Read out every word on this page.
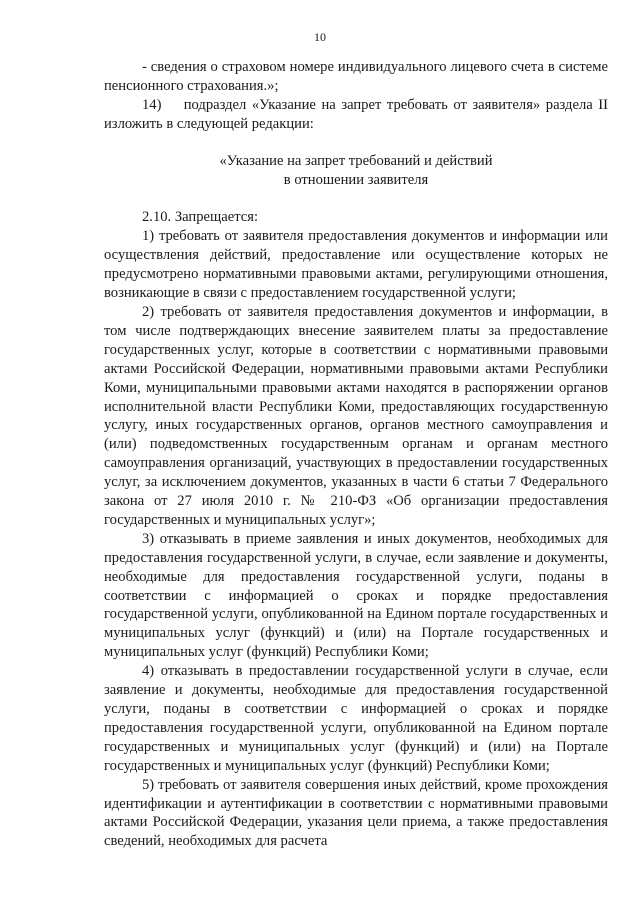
10

- сведения о страховом номере индивидуального лицевого счета в системе пенсионного страхования.»;

14)    подраздел «Указание на запрет требовать от заявителя» раздела II изложить в следующей редакции:

«Указание на запрет требований и действий

в отношении заявителя

2.10. Запрещается:

1) требовать от заявителя предоставления документов и информации или осуществления действий, предоставление или осуществление которых не предусмотрено нормативными правовыми актами, регулирующими отношения, возникающие в связи с предоставлением государственной услуги;

2) требовать от заявителя предоставления документов и информации, в том числе подтверждающих внесение заявителем платы за предоставление государственных услуг, которые в соответствии с нормативными правовыми актами Российской Федерации, нормативными правовыми актами Республики Коми, муниципальными правовыми актами находятся в распоряжении органов исполнительной власти Республики Коми, предоставляющих государственную услугу, иных государственных органов, органов местного самоуправления и (или) подведомственных государственным органам и органам местного самоуправления организаций, участвующих в предоставлении государственных услуг, за исключением документов, указанных в части 6 статьи 7 Федерального закона от 27 июля 2010 г. № 210-ФЗ «Об организации предоставления государственных и муниципальных услуг»;

3) отказывать в приеме заявления и иных документов, необходимых для предоставления государственной услуги, в случае, если заявление и документы, необходимые для предоставления государственной услуги, поданы в соответствии с информацией о сроках и порядке предоставления государственной услуги, опубликованной на Едином портале государственных и муниципальных услуг (функций) и (или) на Портале государственных и муниципальных услуг (функций) Республики Коми;

4) отказывать в предоставлении государственной услуги в случае, если заявление и документы, необходимые для предоставления государственной услуги, поданы в соответствии с информацией о сроках и порядке предоставления государственной услуги, опубликованной на Едином портале государственных и муниципальных услуг (функций) и (или) на Портале государственных и муниципальных услуг (функций) Республики Коми;

5) требовать от заявителя совершения иных действий, кроме прохождения идентификации и аутентификации в соответствии с нормативными правовыми актами Российской Федерации, указания цели приема, а также предоставления сведений, необходимых для расчета
